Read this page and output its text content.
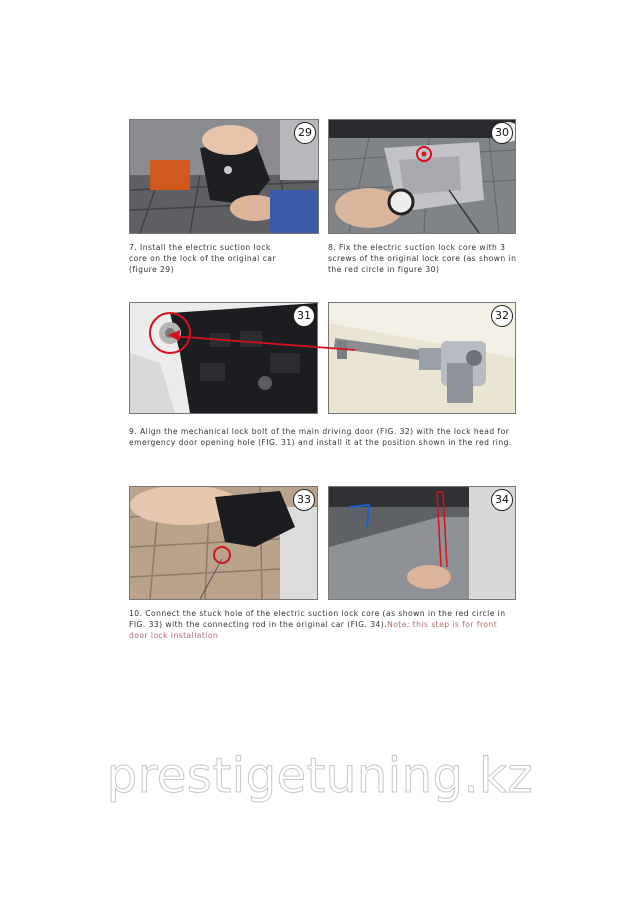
29	30
7. Install the electric suction lock
core on the lock of the original car
(figure 29)
8. Fix the electric suction lock core with 3
screws of the original lock core (as shown in
the red circle in figure 30)
31	32
9. Align the mechanical lock bolt of the main driving door (FIG. 32) with the lock head for
emergency door opening hole (FIG. 31) and install it at the position shown in the red ring.
33	34
10. Connect the stuck hole of the electric suction lock core (as shown in the red circle in
FIG. 33) with the connecting rod in the original car (FIG. 34).Note: this step is for front
door lock installation
prestigetuning.kz
